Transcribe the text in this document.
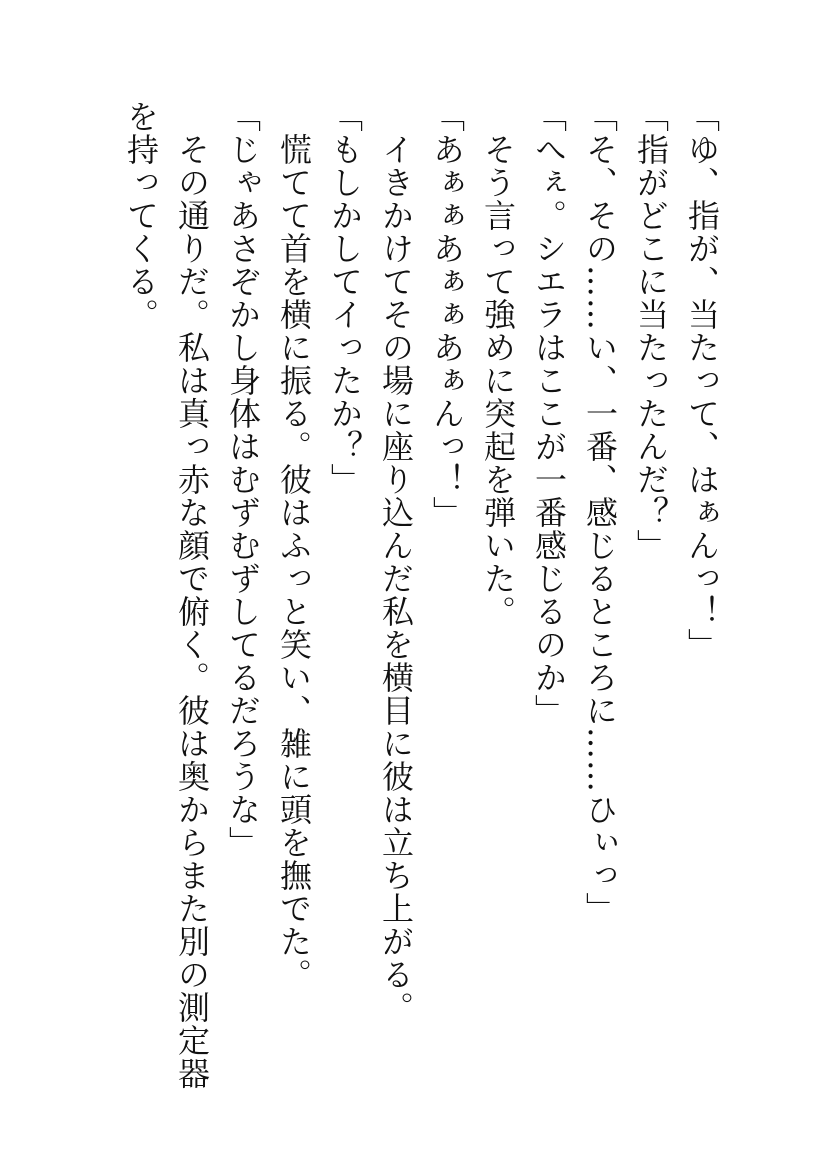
「ゆ、指が、当たって、はぁんっ！」

「指がどこに当たったんだ？」

「そ、その……い、一番、感じるところに……ひぃっ」

「へぇ。シエラはここが一番感じるのか」

　そう言って強めに突起を弾いた。

「あぁぁあぁぁあぁんっ！」

　イきかけてその場に座り込んだ私を横目に彼は立ち上がる。

「もしかしてイったか？」

　慌てて首を横に振る。彼はふっと笑い、雑に頭を撫でた。

「じゃあさぞかし身体はむずむずしてるだろうな」

　その通りだ。私は真っ赤な顔で俯く。彼は奥からまた別の測定器を持ってくる。
